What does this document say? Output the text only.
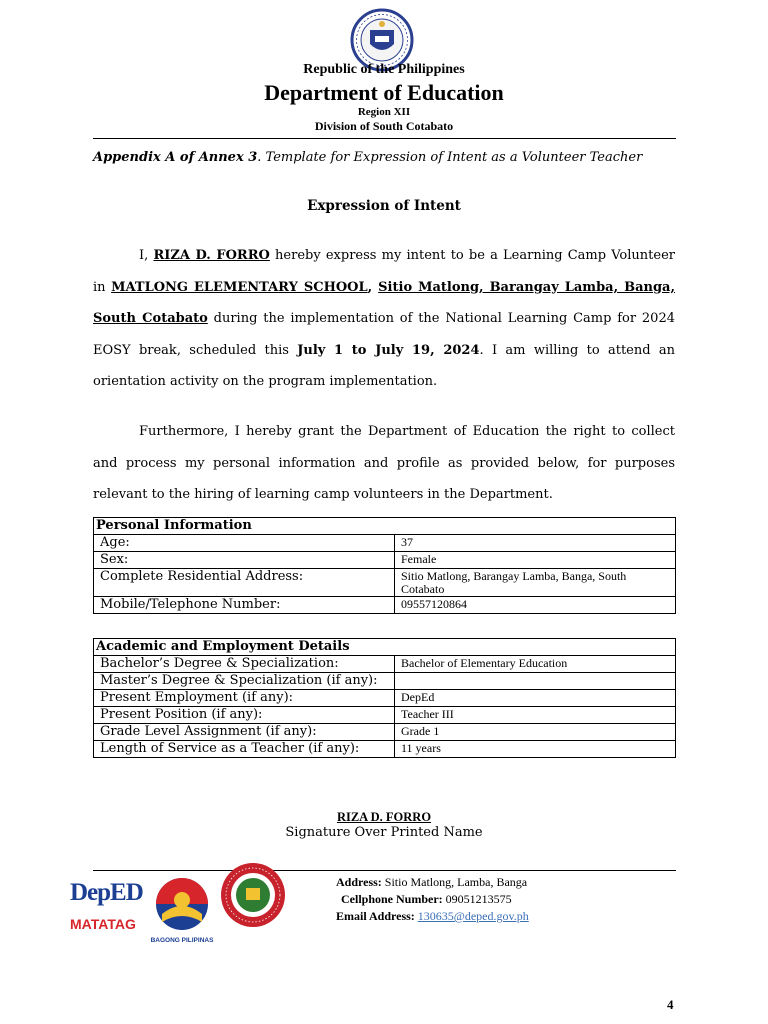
Republic of the Philippines
Department of Education
Region XII
Division of South Cotabato
Appendix A of Annex 3. Template for Expression of Intent as a Volunteer Teacher
Expression of Intent
I, RIZA D. FORRO hereby express my intent to be a Learning Camp Volunteer in MATLONG ELEMENTARY SCHOOL, Sitio Matlong, Barangay Lamba, Banga, South Cotabato during the implementation of the National Learning Camp for 2024 EOSY break, scheduled this July 1 to July 19, 2024. I am willing to attend an orientation activity on the program implementation.
Furthermore, I hereby grant the Department of Education the right to collect and process my personal information and profile as provided below, for purposes relevant to the hiring of learning camp volunteers in the Department.
Personal Information	
Age:	37
Sex:	Female
Complete Residential Address:	Sitio Matlong, Barangay Lamba, Banga, South Cotabato
Mobile/Telephone Number:	09557120864
Academic and Employment Details	
Bachelor’s Degree & Specialization:	Bachelor of Elementary Education
Master’s Degree & Specialization (if any):	
Present Employment (if any):	DepEd
Present Position (if any):	Teacher III
Grade Level Assignment (if any):	Grade 1
Length of Service as a Teacher (if any):	11 years
RIZA D. FORRO
Signature Over Printed Name
DepED
MATATAG
BAGONG PILIPINAS
Address: Sitio Matlong, Lamba, Banga
Cellphone Number: 09051213575
Email Address: 130635@deped.gov.ph
4
